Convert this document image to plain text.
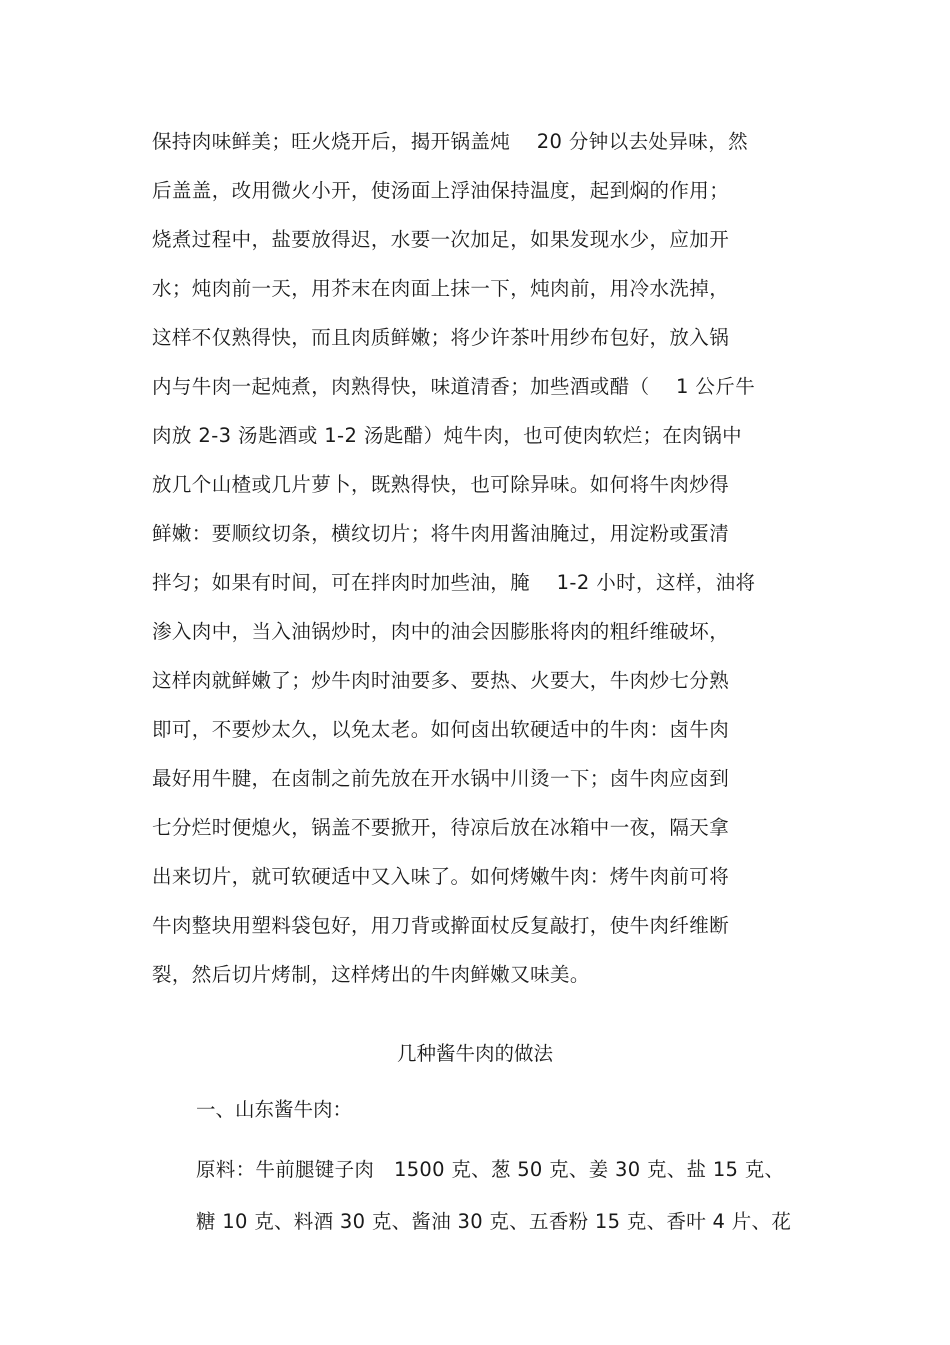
保持肉味鲜美；旺火烧开后，揭开锅盖炖　 20 分钟以去处异味，然
后盖盖，改用微火小开，使汤面上浮油保持温度，起到焖的作用；
烧煮过程中，盐要放得迟，水要一次加足，如果发现水少，应加开
水；炖肉前一天，用芥末在肉面上抹一下，炖肉前，用冷水洗掉，
这样不仅熟得快，而且肉质鲜嫩；将少许茶叶用纱布包好，放入锅
内与牛肉一起炖煮，肉熟得快，味道清香；加些酒或醋（　 1 公斤牛
肉放 2-3 汤匙酒或 1-2 汤匙醋）炖牛肉，也可使肉软烂；在肉锅中
放几个山楂或几片萝卜，既熟得快，也可除异味。如何将牛肉炒得
鲜嫩：要顺纹切条，横纹切片；将牛肉用酱油腌过，用淀粉或蛋清
拌匀；如果有时间，可在拌肉时加些油，腌　 1-2 小时，这样，油将
渗入肉中，当入油锅炒时，肉中的油会因膨胀将肉的粗纤维破坏，
这样肉就鲜嫩了；炒牛肉时油要多、要热、火要大，牛肉炒七分熟
即可，不要炒太久，以免太老。如何卤出软硬适中的牛肉：卤牛肉
最好用牛腱，在卤制之前先放在开水锅中川烫一下；卤牛肉应卤到
七分烂时便熄火，锅盖不要掀开，待凉后放在冰箱中一夜，隔天拿
出来切片，就可软硬适中又入味了。如何烤嫩牛肉：烤牛肉前可将
牛肉整块用塑料袋包好，用刀背或擀面杖反复敲打，使牛肉纤维断
裂，然后切片烤制，这样烤出的牛肉鲜嫩又味美。
几种酱牛肉的做法
一、山东酱牛肉：
原料：牛前腿键子肉　1500 克、葱 50 克、姜 30 克、盐 15 克、
糖 10 克、料酒 30 克、酱油 30 克、五香粉 15 克、香叶 4 片、花
